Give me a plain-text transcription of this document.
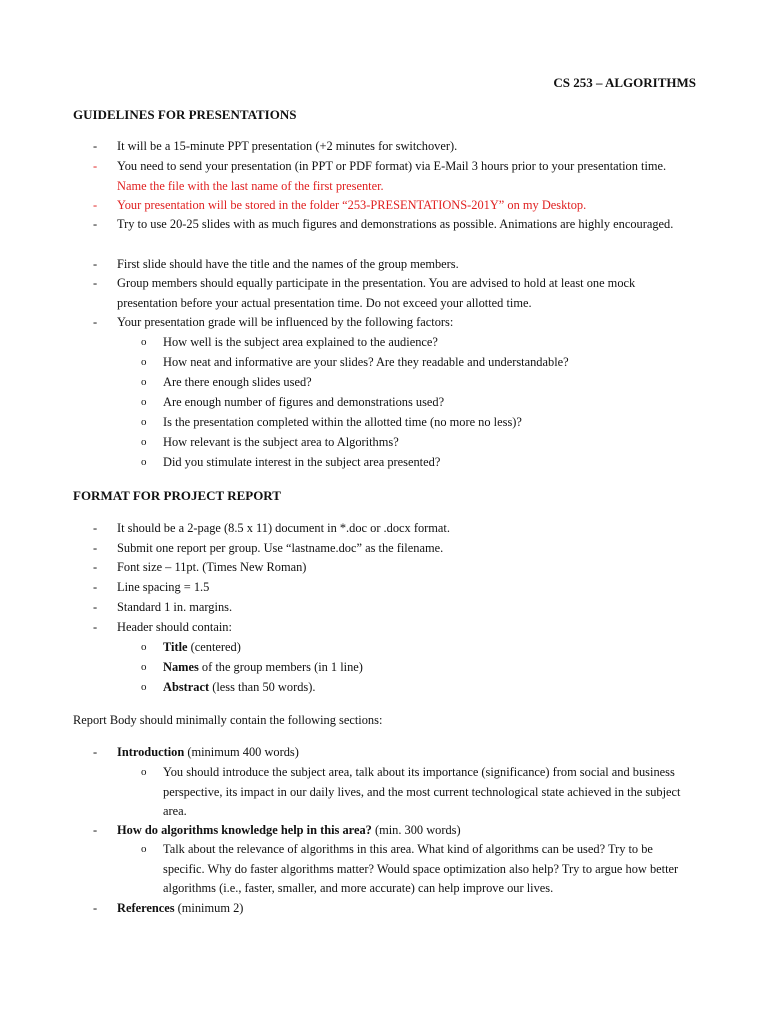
CS 253 – ALGORITHMS
GUIDELINES FOR PRESENTATIONS
- It will be a 15-minute PPT presentation (+2 minutes for switchover).
- You need to send your presentation (in PPT or PDF format) via E-Mail 3 hours prior to your presentation time. Name the file with the last name of the first presenter.
- Your presentation will be stored in the folder “253-PRESENTATIONS-201Y” on my Desktop.
- Try to use 20-25 slides with as much figures and demonstrations as possible. Animations are highly encouraged.
- First slide should have the title and the names of the group members.
- Group members should equally participate in the presentation. You are advised to hold at least one mock presentation before your actual presentation time. Do not exceed your allotted time.
- Your presentation grade will be influenced by the following factors:
o How well is the subject area explained to the audience?
o How neat and informative are your slides? Are they readable and understandable?
o Are there enough slides used?
o Are enough number of figures and demonstrations used?
o Is the presentation completed within the allotted time (no more no less)?
o How relevant is the subject area to Algorithms?
o Did you stimulate interest in the subject area presented?
FORMAT FOR PROJECT REPORT
- It should be a 2-page (8.5 x 11) document in *.doc or .docx format.
- Submit one report per group. Use “lastname.doc” as the filename.
- Font size – 11pt. (Times New Roman)
- Line spacing = 1.5
- Standard 1 in. margins.
- Header should contain:
o Title (centered)
o Names of the group members (in 1 line)
o Abstract (less than 50 words).
Report Body should minimally contain the following sections:
- Introduction (minimum 400 words)
o You should introduce the subject area, talk about its importance (significance) from social and business perspective, its impact in our daily lives, and the most current technological state achieved in the subject area.
- How do algorithms knowledge help in this area? (min. 300 words)
o Talk about the relevance of algorithms in this area. What kind of algorithms can be used? Try to be specific. Why do faster algorithms matter? Would space optimization also help? Try to argue how better algorithms (i.e., faster, smaller, and more accurate) can help improve our lives.
- References (minimum 2)
